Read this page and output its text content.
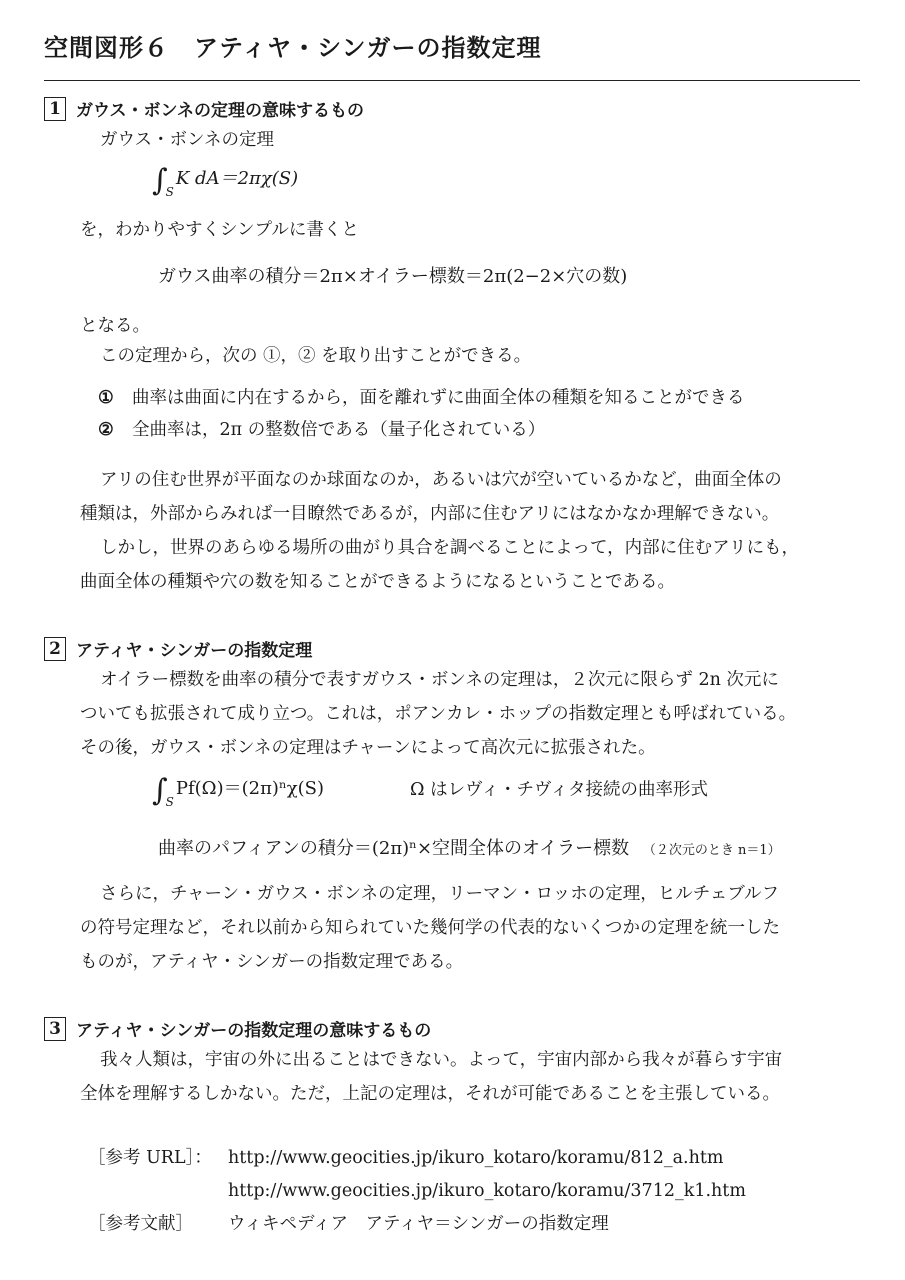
空間図形６　アティヤ・シンガーの指数定理
1 ガウス・ボンネの定理の意味するもの
ガウス・ボンネの定理
$\int_SK$ dA＝2πχ(S)
を，わかりやすくシンプルに書くと
ガウス曲率の積分＝2π×オイラー標数＝2π(2−2×穴の数)
となる。
この定理から，次の ①，② を取り出すことができる。
① 曲率は曲面に内在するから，面を離れずに曲面全体の種類を知ることができる
② 全曲率は，2π の整数倍である（量子化されている）
アリの住む世界が平面なのか球面なのか，あるいは穴が空いているかなど，曲面全体の
種類は，外部からみれば一目瞭然であるが，内部に住むアリにはなかなか理解できない。
しかし，世界のあらゆる場所の曲がり具合を調べることによって，内部に住むアリにも，
曲面全体の種類や穴の数を知ることができるようになるということである。
2 アティヤ・シンガーの指数定理
オイラー標数を曲率の積分で表すガウス・ボンネの定理は，２次元に限らず 2n 次元に
ついても拡張されて成り立つ。これは，ポアンカレ・ホップの指数定理とも呼ばれている。
その後，ガウス・ボンネの定理はチャーンによって高次元に拡張された。
$\int_SPf(\Omega)=(2\pi)^n\chi(S)$	Ω はレヴィ・チヴィタ接続の曲率形式
曲率のパフィアンの積分＝(2π)ⁿ×空間全体のオイラー標数 （２次元のとき n＝1）
さらに，チャーン・ガウス・ボンネの定理，リーマン・ロッホの定理，ヒルチェブルフ
の符号定理など，それ以前から知られていた幾何学の代表的ないくつかの定理を統一した
ものが，アティヤ・シンガーの指数定理である。
3 アティヤ・シンガーの指数定理の意味するもの
我々人類は，宇宙の外に出ることはできない。よって，宇宙内部から我々が暮らす宇宙
全体を理解するしかない。ただ，上記の定理は，それが可能であることを主張している。
［参考 URL］： http://www.geocities.jp/ikuro_kotaro/koramu/812_a.htm
http://www.geocities.jp/ikuro_kotaro/koramu/3712_k1.htm
［参考文献］ ウィキペディア　アティヤ＝シンガーの指数定理
